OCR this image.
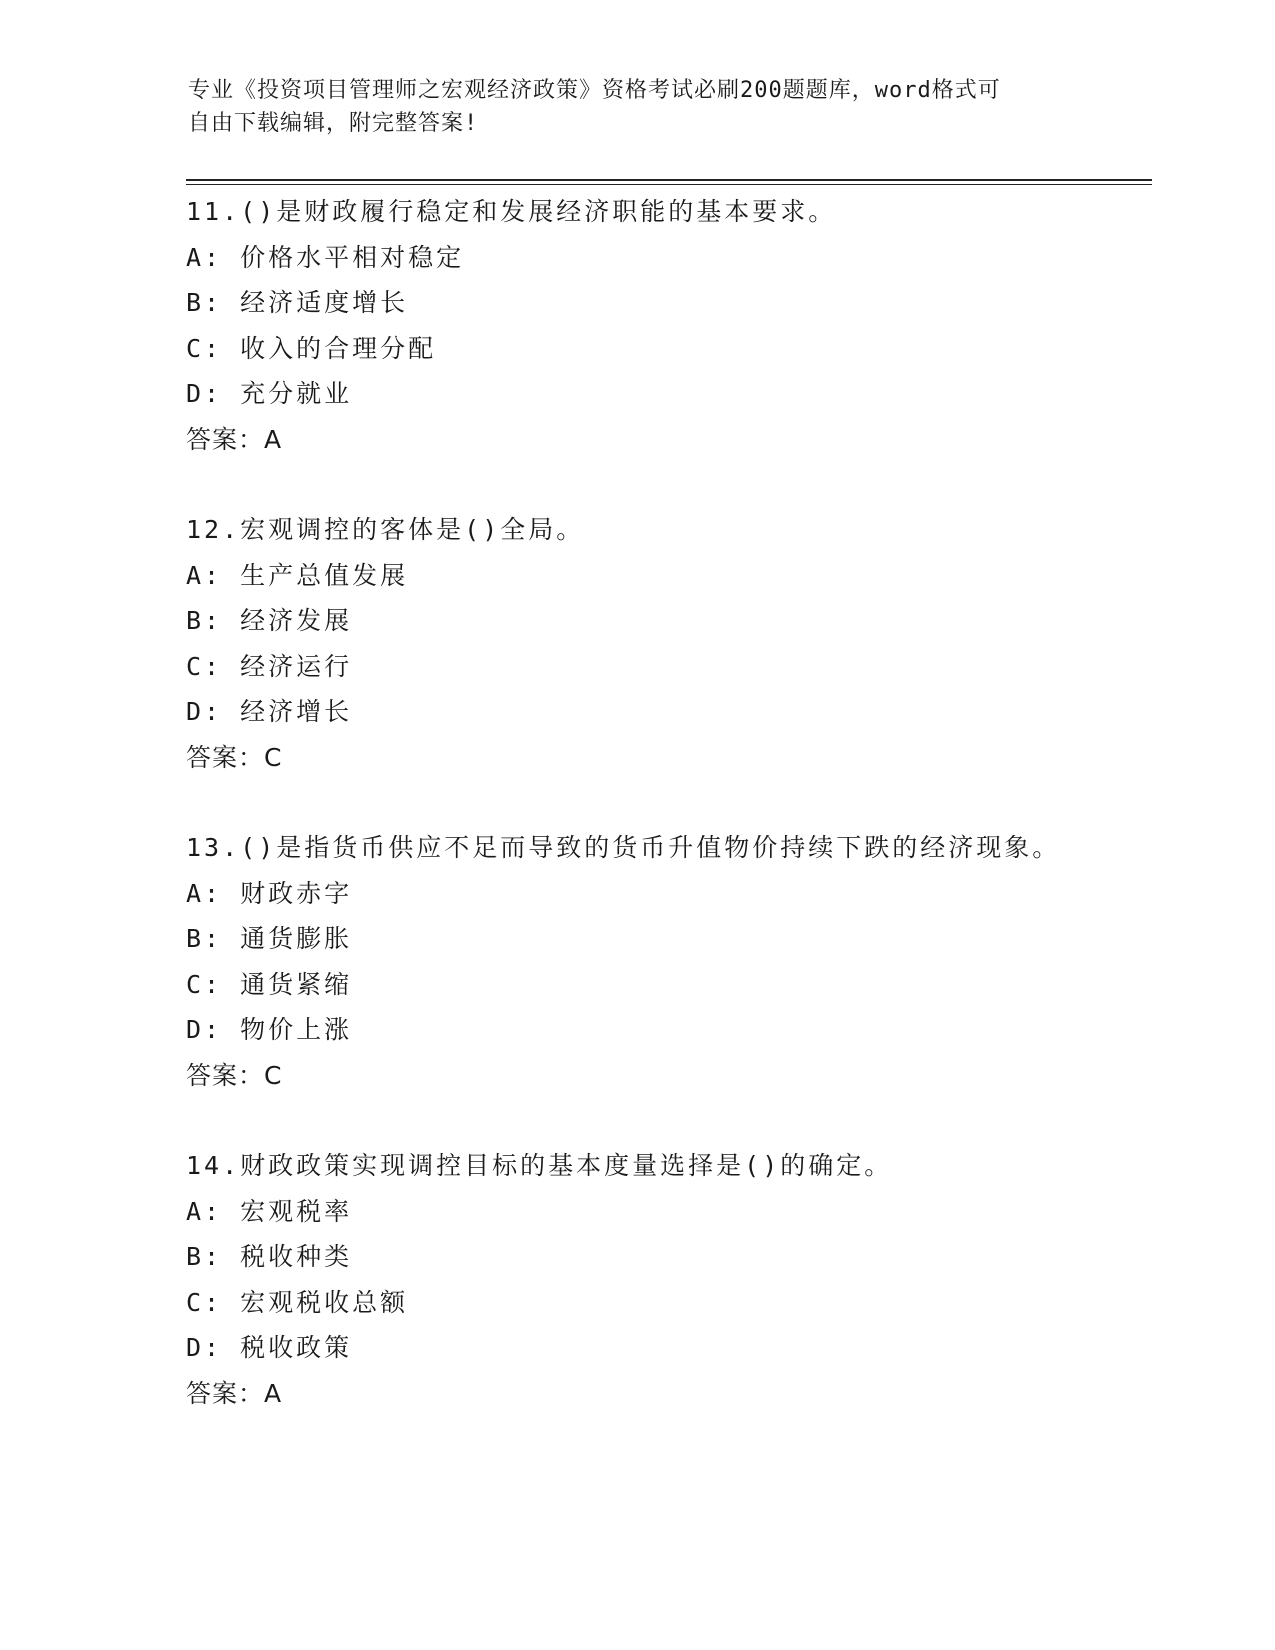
专业《投资项目管理师之宏观经济政策》资格考试必刷200题题库，word格式可
自由下载编辑，附完整答案!
11.()是财政履行稳定和发展经济职能的基本要求。
A: 价格水平相对稳定
B: 经济适度增长
C: 收入的合理分配
D: 充分就业
答案：A
12.宏观调控的客体是()全局。
A: 生产总值发展
B: 经济发展
C: 经济运行
D: 经济增长
答案：C
13.()是指货币供应不足而导致的货币升值物价持续下跌的经济现象。
A: 财政赤字
B: 通货膨胀
C: 通货紧缩
D: 物价上涨
答案：C
14.财政政策实现调控目标的基本度量选择是()的确定。
A: 宏观税率
B: 税收种类
C: 宏观税收总额
D: 税收政策
答案：A
